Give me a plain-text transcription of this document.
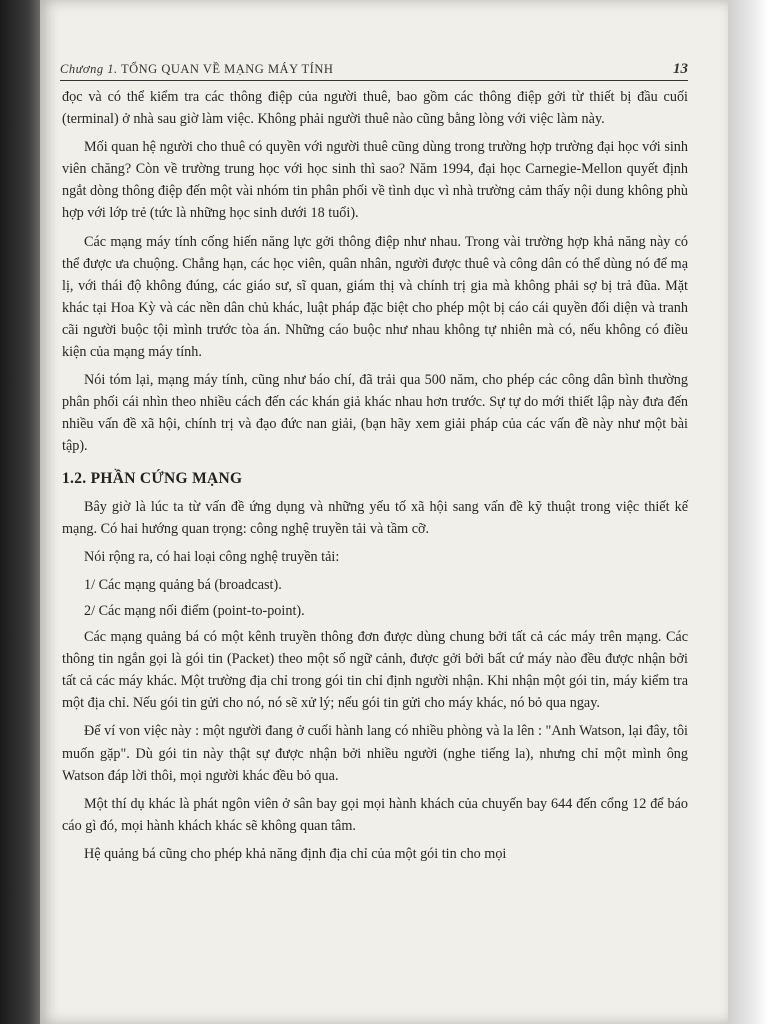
Chương 1. TỔNG QUAN VỀ MẠNG MÁY TÍNH	13

đọc và có thể kiểm tra các thông điệp của người thuê, bao gồm các thông điệp gởi từ thiết bị đầu cuối (terminal) ở nhà sau giờ làm việc. Không phải người thuê nào cũng bằng lòng với việc làm này.

Mối quan hệ người cho thuê có quyền với người thuê cũng dùng trong trường hợp trường đại học với sinh viên chăng? Còn về trường trung học với học sinh thì sao? Năm 1994, đại học Carnegie-Mellon quyết định ngắt dòng thông điệp đến một vài nhóm tin phân phối về tình dục vì nhà trường cảm thấy nội dung không phù hợp với lớp trẻ (tức là những học sinh dưới 18 tuổi).

Các mạng máy tính cống hiến năng lực gởi thông điệp như nhau. Trong vài trường hợp khả năng này có thể được ưa chuộng. Chẳng hạn, các học viên, quân nhân, người được thuê và công dân có thể dùng nó để mạ lị, với thái độ không đúng, các giáo sư, sĩ quan, giám thị và chính trị gia mà không phải sợ bị trả đũa. Mặt khác tại Hoa Kỳ và các nền dân chủ khác, luật pháp đặc biệt cho phép một bị cáo cái quyền đối diện và tranh cãi người buộc tội mình trước tòa án. Những cáo buộc như nhau không tự nhiên mà có, nếu không có điều kiện của mạng máy tính.

Nói tóm lại, mạng máy tính, cũng như báo chí, đã trải qua 500 năm, cho phép các công dân bình thường phân phối cái nhìn theo nhiều cách đến các khán giả khác nhau hơn trước. Sự tự do mới thiết lập này đưa đến nhiều vấn đề xã hội, chính trị và đạo đức nan giải, (bạn hãy xem giải pháp của các vấn đề này như một bài tập).

1.2. PHẦN CỨNG MẠNG

Bây giờ là lúc ta từ vấn đề ứng dụng và những yếu tố xã hội sang vấn đề kỹ thuật trong việc thiết kế mạng. Có hai hướng quan trọng: công nghệ truyền tải và tầm cỡ.

Nói rộng ra, có hai loại công nghệ truyền tải:

1/ Các mạng quảng bá (broadcast).

2/ Các mạng nối điểm (point-to-point).

Các mạng quảng bá có một kênh truyền thông đơn được dùng chung bởi tất cả các máy trên mạng. Các thông tin ngắn gọi là gói tin (Packet) theo một số ngữ cảnh, được gởi bởi bất cứ máy nào đều được nhận bởi tất cả các máy khác. Một trường địa chỉ trong gói tin chỉ định người nhận. Khi nhận một gói tin, máy kiểm tra một địa chỉ. Nếu gói tin gửi cho nó, nó sẽ xử lý; nếu gói tin gửi cho máy khác, nó bỏ qua ngay.

Để ví von việc này : một người đang ở cuối hành lang có nhiều phòng và la lên : "Anh Watson, lại đây, tôi muốn gặp". Dù gói tin này thật sự được nhận bởi nhiều người (nghe tiếng la), nhưng chỉ một mình ông Watson đáp lời thôi, mọi người khác đều bỏ qua.

Một thí dụ khác là phát ngôn viên ở sân bay gọi mọi hành khách của chuyến bay 644 đến cổng 12 để báo cáo gì đó, mọi hành khách khác sẽ không quan tâm.

Hệ quảng bá cũng cho phép khả năng định địa chỉ của một gói tin cho mọi
